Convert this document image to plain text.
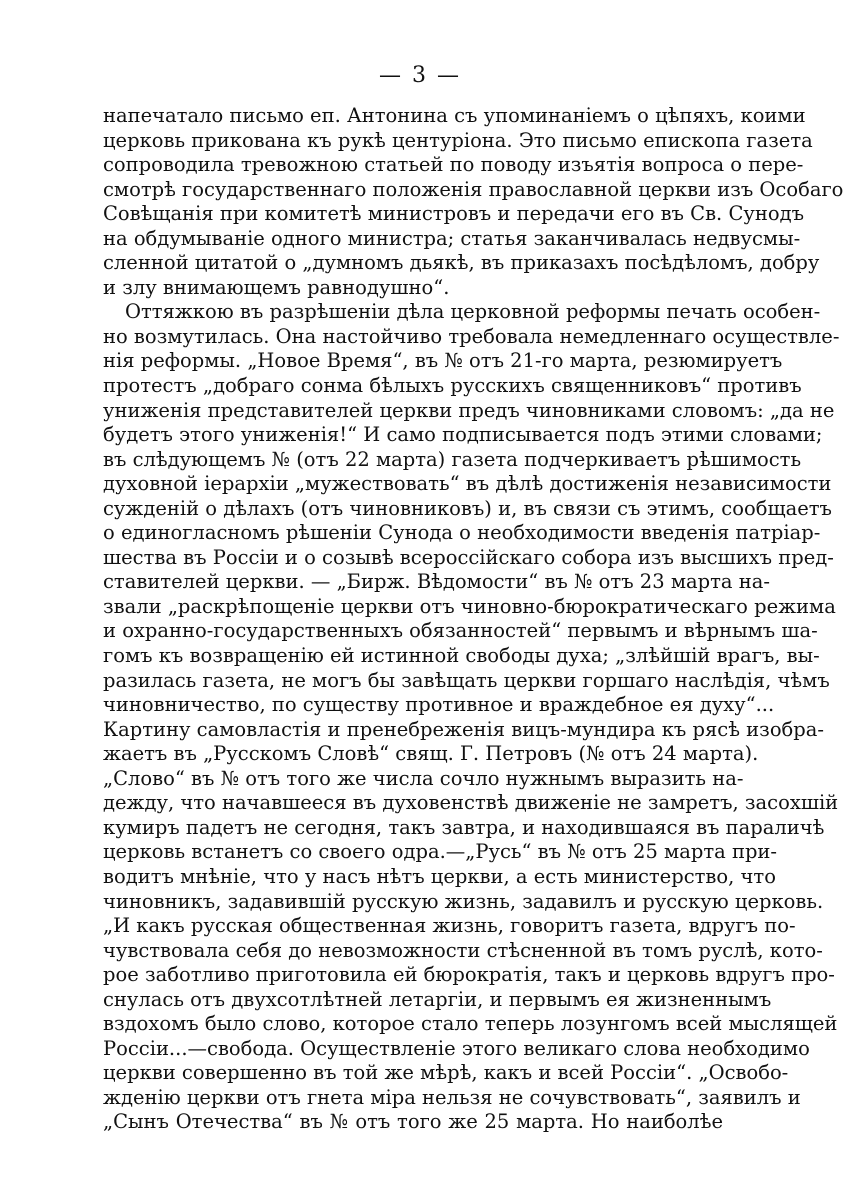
— 3 —
напечатало письмо еп. Антонина съ упоминаніемъ о цѣпяхъ, коими
церковь прикована къ рукѣ центуріона. Это письмо епископа газета
сопроводила тревожною статьей по поводу изъятія вопроса о пере-
смотрѣ государственнаго положенія православной церкви изъ Особаго
Совѣщанія при комитетѣ министровъ и передачи его въ Св. Сунодъ
на обдумываніе одного министра; статья заканчивалась недвусмы-
сленной цитатой о „думномъ дьякѣ, въ приказахъ посѣдѣломъ, добру
и злу внимающемъ равнодушно“.
Оттяжкою въ разрѣшеніи дѣла церковной реформы печать особен-
но возмутилась. Она настойчиво требовала немедленнаго осуществле-
нія реформы. „Новое Время“, въ № отъ 21-го марта, резюмируетъ
протестъ „добраго сонма бѣлыхъ русскихъ священниковъ“ противъ
униженія представителей церкви предъ чиновниками словомъ: „да не
будетъ этого униженія!“ И само подписывается подъ этими словами;
въ слѣдующемъ № (отъ 22 марта) газета подчеркиваетъ рѣшимость
духовной іерархіи „мужествовать“ въ дѣлѣ достиженія независимости
сужденій о дѣлахъ (отъ чиновниковъ) и, въ связи съ этимъ, сообщаетъ
о единогласномъ рѣшеніи Сунода о необходимости введенія патріар-
шества въ Россіи и о созывѣ всероссійскаго собора изъ высшихъ пред-
ставителей церкви. — „Бирж. Вѣдомости“ въ № отъ 23 марта на-
звали „раскрѣпощеніе церкви отъ чиновно-бюрократическаго режима
и охранно-государственныхъ обязанностей“ первымъ и вѣрнымъ ша-
гомъ къ возвращенію ей истинной свободы духа; „злѣйшій врагъ, вы-
разилась газета, не могъ бы завѣщать церкви горшаго наслѣдія, чѣмъ
чиновничество, по существу противное и враждебное ея духу“...
Картину самовластія и пренебреженія вицъ-мундира къ рясѣ изобра-
жаетъ въ „Русскомъ Словѣ“ свящ. Г. Петровъ (№ отъ 24 марта).
„Слово“ въ № отъ того же числа сочло нужнымъ выразить на-
дежду, что начавшееся въ духовенствѣ движеніе не замретъ, засохшій
кумиръ падетъ не сегодня, такъ завтра, и находившаяся въ параличѣ
церковь встанетъ со своего одра.—„Русь“ въ № отъ 25 марта при-
водитъ мнѣніе, что у насъ нѣтъ церкви, а есть министерство, что
чиновникъ, задавившій русскую жизнь, задавилъ и русскую церковь.
„И какъ русская общественная жизнь, говоритъ газета, вдругъ по-
чувствовала себя до невозможности стѣсненной въ томъ руслѣ, кото-
рое заботливо приготовила ей бюрократія, такъ и церковь вдругъ про-
снулась отъ двухсотлѣтней летаргіи, и первымъ ея жизненнымъ
вздохомъ было слово, которое стало теперь лозунгомъ всей мыслящей
Россіи...—свобода. Осуществленіе этого великаго слова необходимо
церкви совершенно въ той же мѣрѣ, какъ и всей Россіи“. „Освобо-
жденію церкви отъ гнета міра нельзя не сочувствовать“, заявилъ и
„Сынъ Отечества“ въ № отъ того же 25 марта. Но наиболѣе
